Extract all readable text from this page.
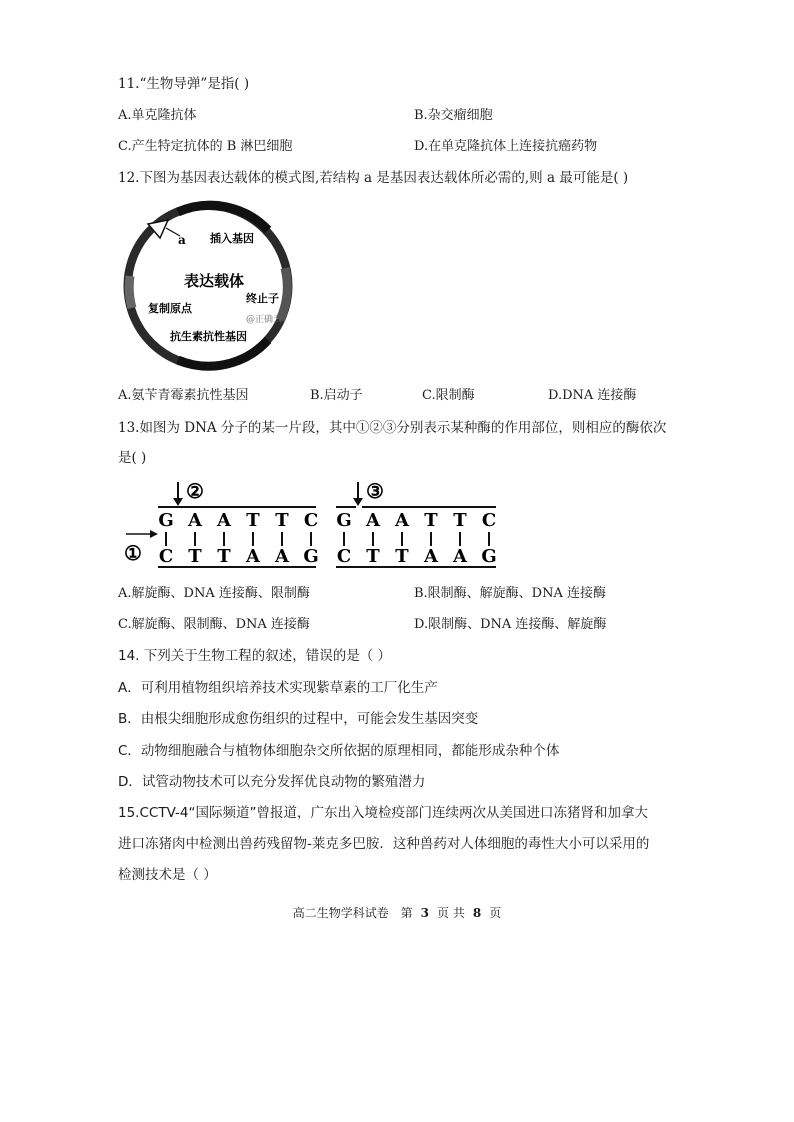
11.“生物导弹”是指( )
A.单克隆抗体	B.杂交瘤细胞
C.产生特定抗体的 B 淋巴细胞	D.在单克隆抗体上连接抗癌药物
12.下图为基因表达载体的模式图,若结构 a 是基因表达载体所必需的,则 a 最可能是( )
a 插入基因
表达载体
终止子
复制原点
@正确云
抗生素抗性基因
A.氨苄青霉素抗性基因	B.启动子	C.限制酶	D.DNA 连接酶
13.如图为 DNA 分子的某一片段，其中①②③分别表示某种酶的作用部位，则相应的酶依次
是( )
②	③
①
G A A T T C
C T T A A G
G A A T T C
C T T A A G
A.解旋酶、DNA 连接酶、限制酶	B.限制酶、解旋酶、DNA 连接酶
C.解旋酶、限制酶、DNA 连接酶	D.限制酶、DNA 连接酶、解旋酶
14. 下列关于生物工程的叙述，错误的是（ ）
A．可利用植物组织培养技术实现紫草素的工厂化生产
B．由根尖细胞形成愈伤组织的过程中，可能会发生基因突变
C．动物细胞融合与植物体细胞杂交所依据的原理相同，都能形成杂种个体
D．试管动物技术可以充分发挥优良动物的繁殖潜力
15.CCTV-4“国际频道”曾报道，广东出入境检疫部门连续两次从美国进口冻猪肾和加拿大
进口冻猪肉中检测出兽药残留物-莱克多巴胺．这种兽药对人体细胞的毒性大小可以采用的
检测技术是（ ）
高二生物学科试卷 第 3 页 共 8 页
